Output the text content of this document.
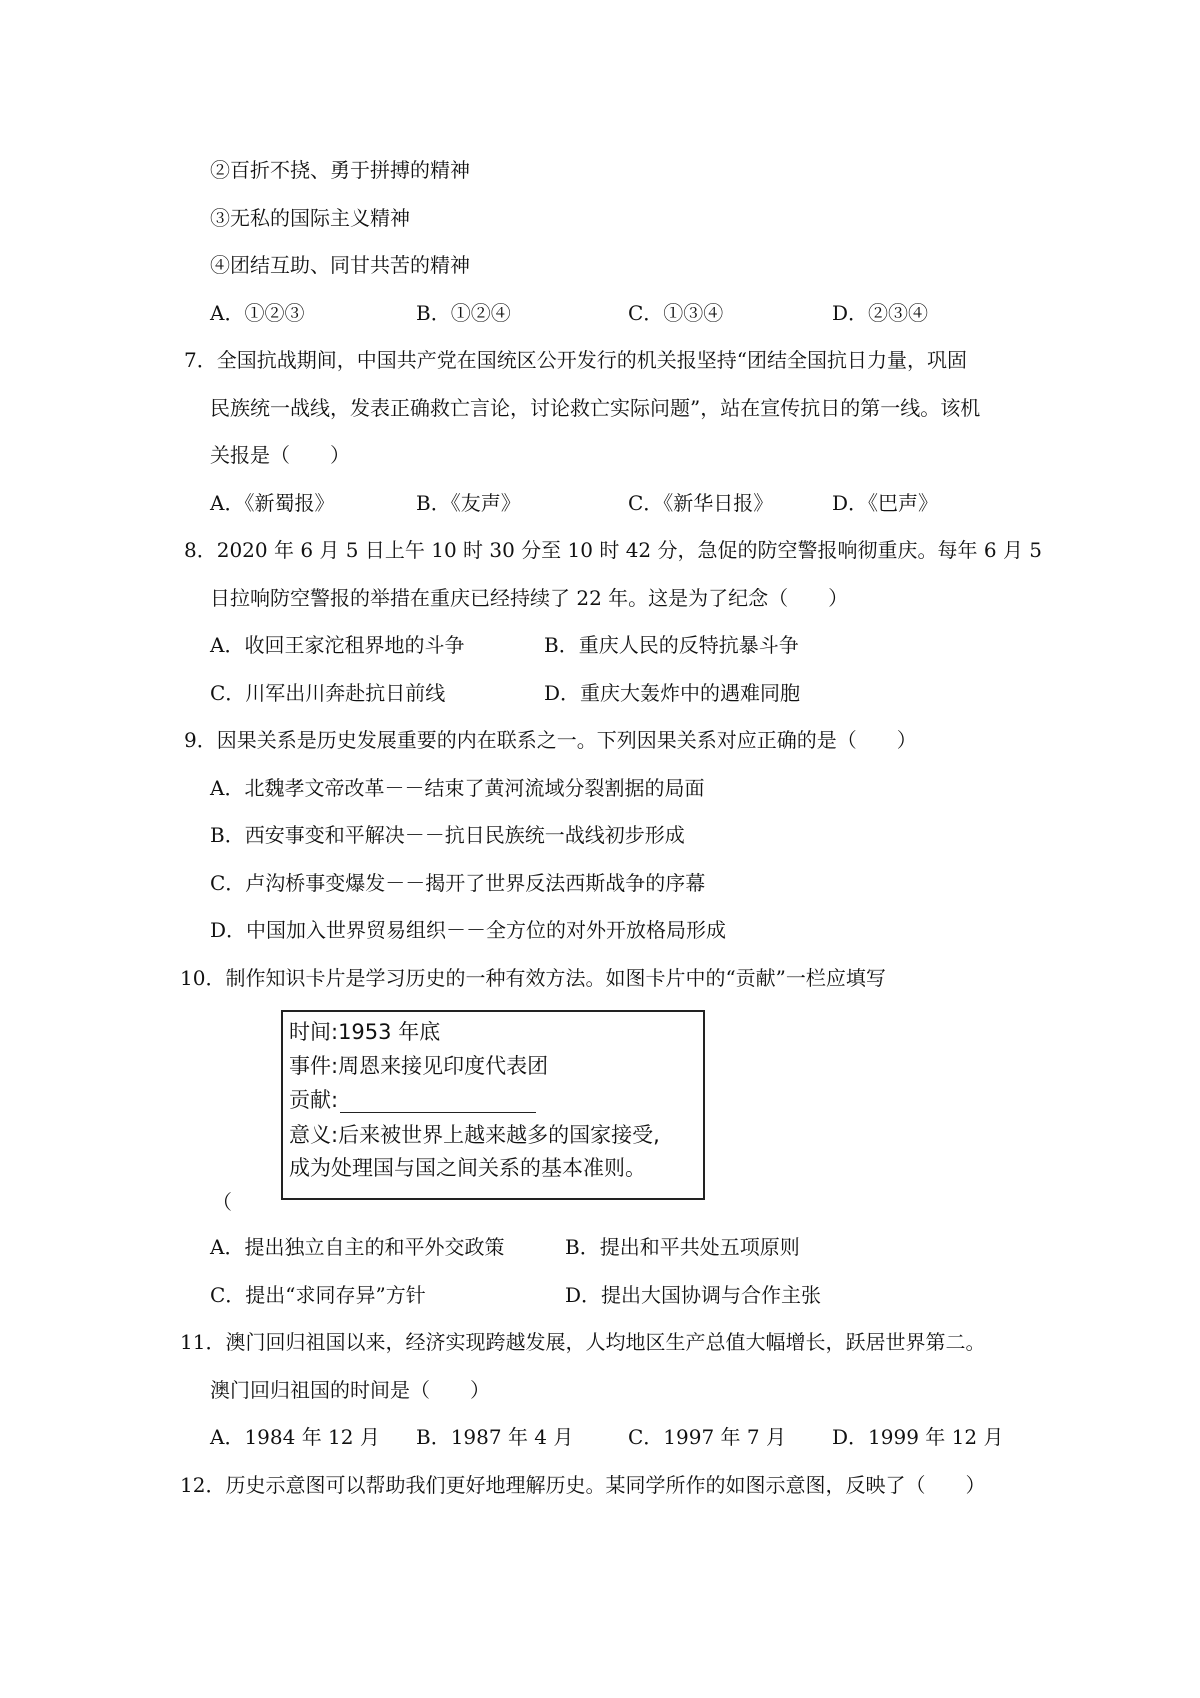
②百折不挠、勇于拼搏的精神
③无私的国际主义精神
④团结互助、同甘共苦的精神
A．①②③	B．①②④	C．①③④	D．②③④
7．全国抗战期间，中国共产党在国统区公开发行的机关报坚持“团结全国抗日力量，巩固
民族统一战线，发表正确救亡言论，讨论救亡实际问题”，站在宣传抗日的第一线。该机
关报是（　　）
A．《新蜀报》	B．《友声》	C．《新华日报》	D．《巴声》
8．2020 年 6 月 5 日上午 10 时 30 分至 10 时 42 分，急促的防空警报响彻重庆。每年 6 月 5
日拉响防空警报的举措在重庆已经持续了 22 年。这是为了纪念（　　）
A．收回王家沱租界地的斗争	B．重庆人民的反特抗暴斗争
C．川军出川奔赴抗日前线	D．重庆大轰炸中的遇难同胞
9．因果关系是历史发展重要的内在联系之一。下列因果关系对应正确的是（　　）
A．北魏孝文帝改革－－结束了黄河流域分裂割据的局面
B．西安事变和平解决－－抗日民族统一战线初步形成
C．卢沟桥事变爆发－－揭开了世界反法西斯战争的序幕
D．中国加入世界贸易组织－－全方位的对外开放格局形成
10．制作知识卡片是学习历史的一种有效方法。如图卡片中的“贡献”一栏应填写
时间:1953 年底
事件:周恩来接见印度代表团
贡献:
意义:后来被世界上越来越多的国家接受,
成为处理国与国之间关系的基本准则。
（
A．提出独立自主的和平外交政策	B．提出和平共处五项原则
C．提出“求同存异”方针	D．提出大国协调与合作主张
11．澳门回归祖国以来，经济实现跨越发展，人均地区生产总值大幅增长，跃居世界第二。
澳门回归祖国的时间是（　　）
A．1984 年 12 月 B．1987 年 4 月	C．1997 年 7 月 D．1999 年 12 月
12．历史示意图可以帮助我们更好地理解历史。某同学所作的如图示意图，反映了（　　）
